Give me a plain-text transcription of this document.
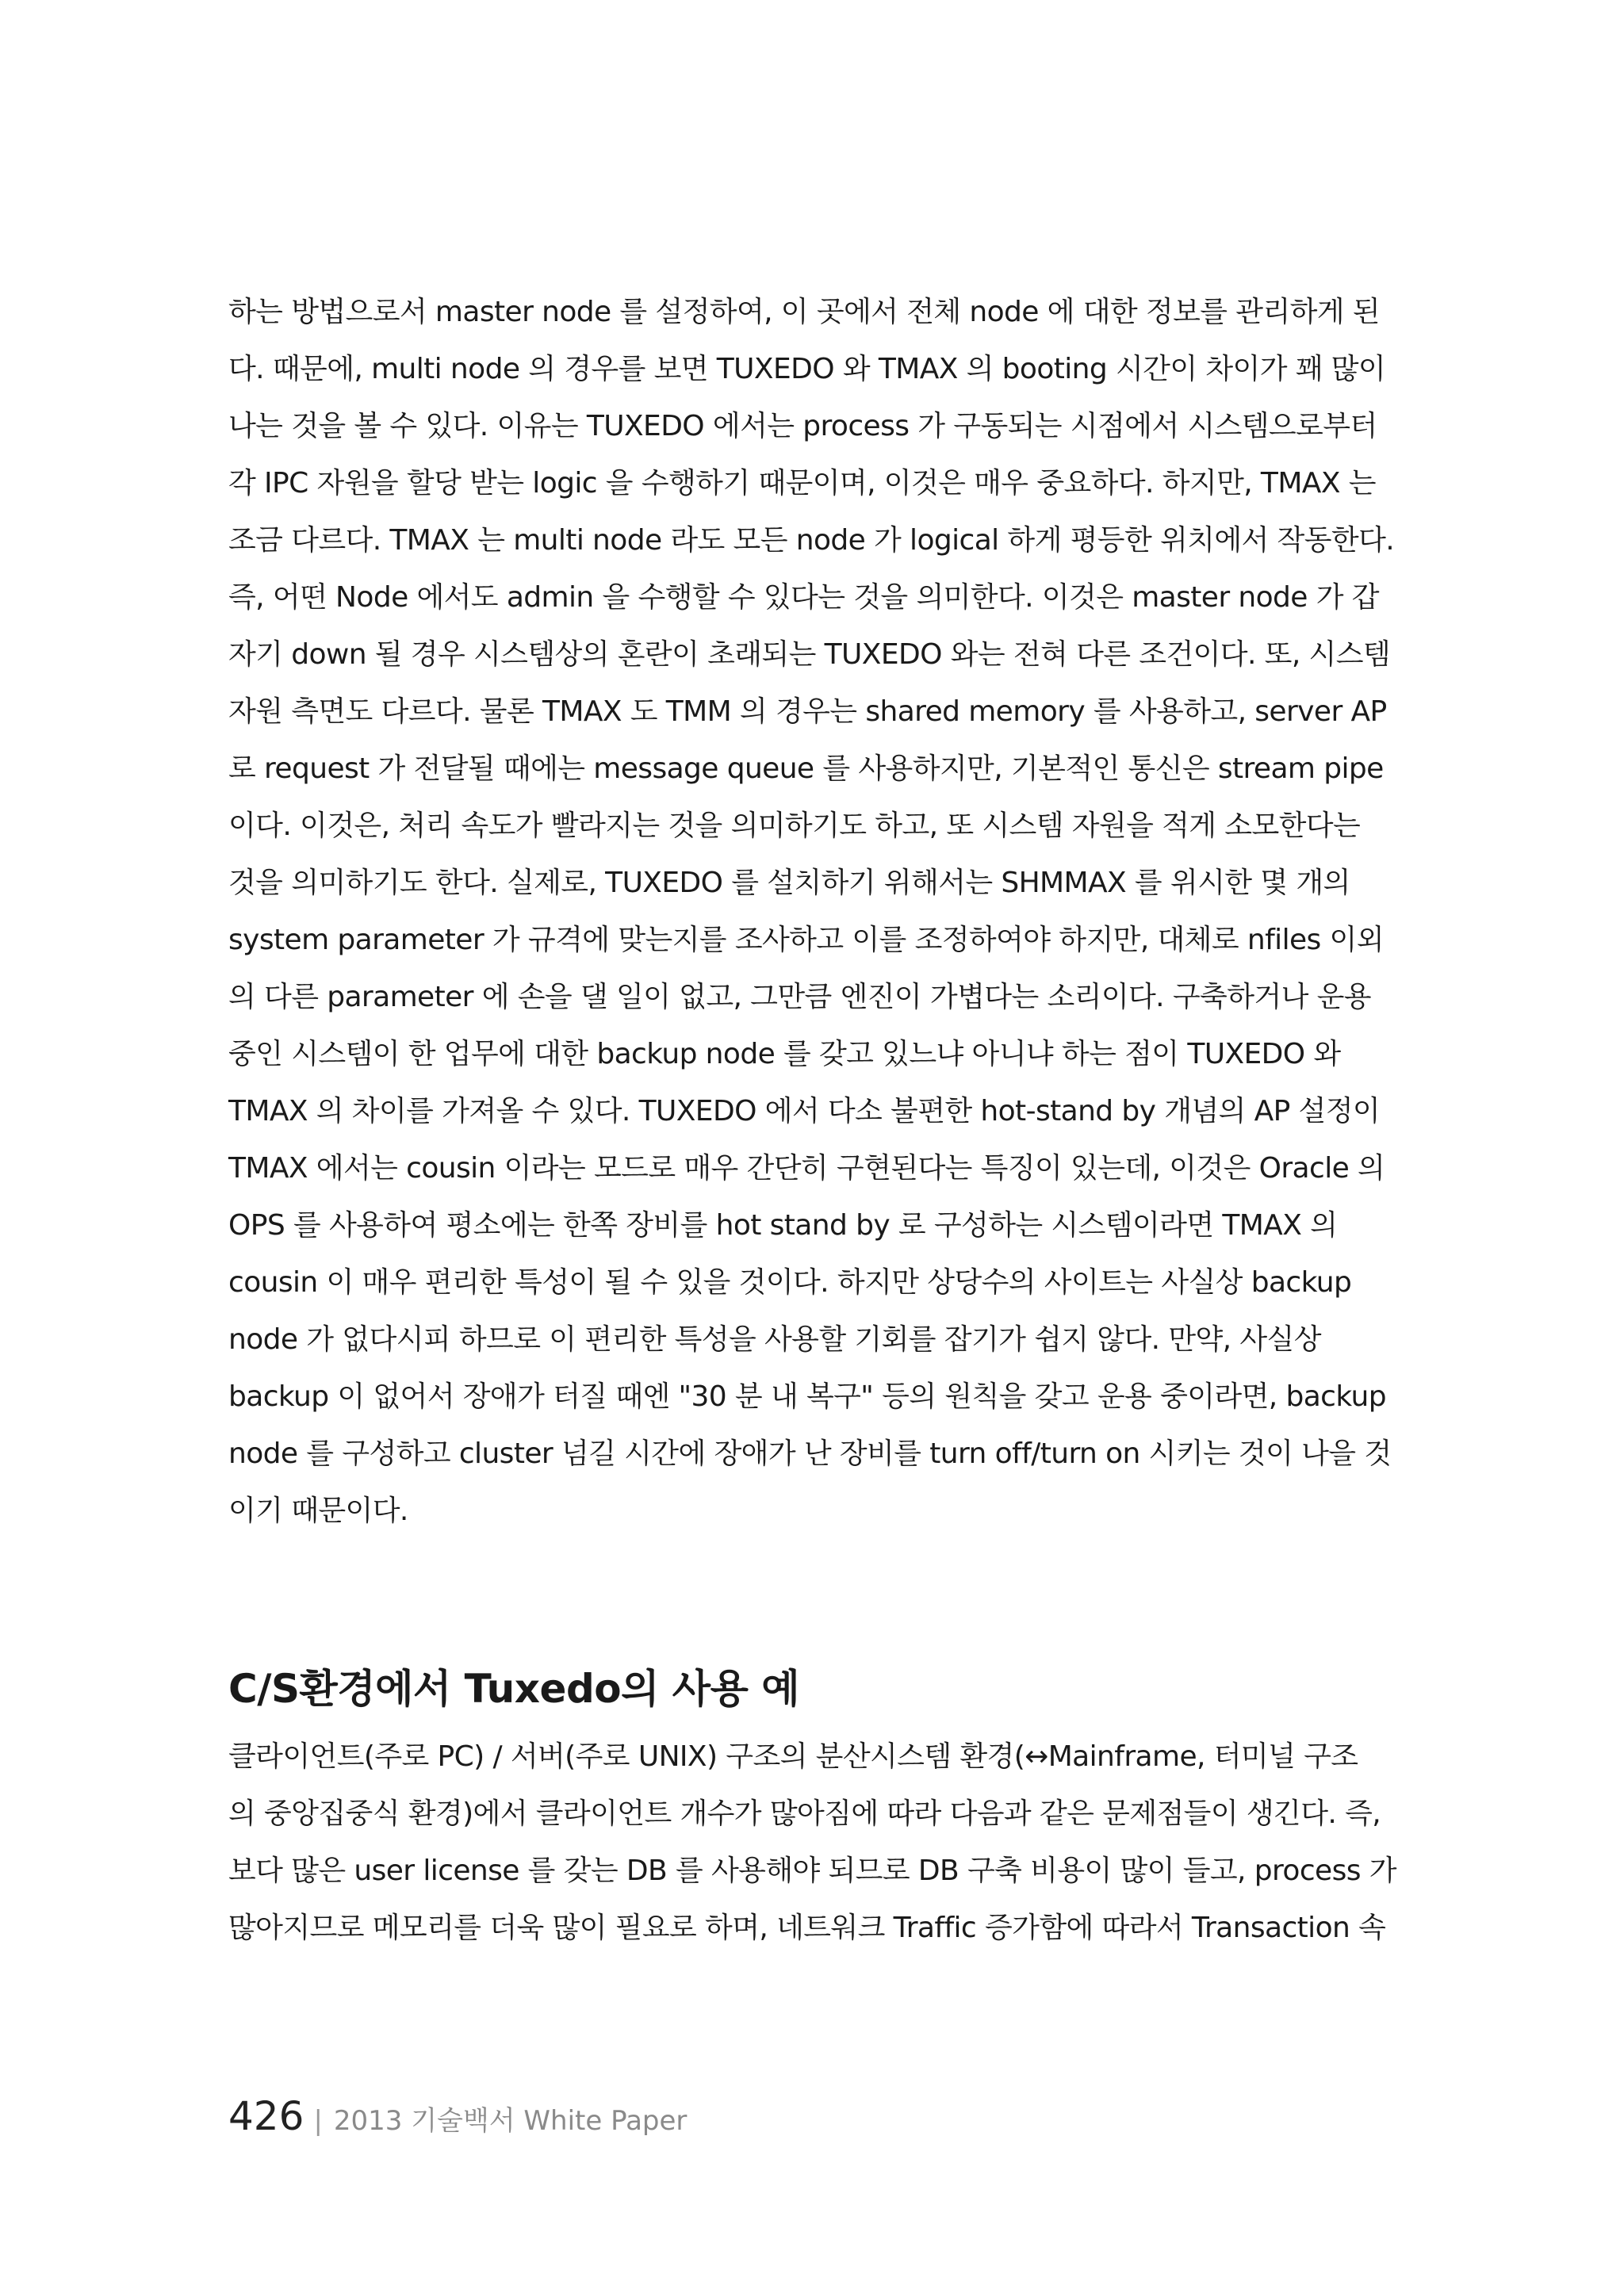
하는 방법으로서 master node 를 설정하여, 이 곳에서 전체 node 에 대한 정보를 관리하게 된
다. 때문에, multi node 의 경우를 보면 TUXEDO 와 TMAX 의 booting 시간이 차이가 꽤 많이
나는 것을 볼 수 있다. 이유는 TUXEDO 에서는 process 가 구동되는 시점에서 시스템으로부터
각 IPC 자원을 할당 받는 logic 을 수행하기 때문이며, 이것은 매우 중요하다. 하지만, TMAX 는
조금 다르다. TMAX 는 multi node 라도 모든 node 가 logical 하게 평등한 위치에서 작동한다.
즉, 어떤 Node 에서도 admin 을 수행할 수 있다는 것을 의미한다. 이것은 master node 가 갑
자기 down 될 경우 시스템상의 혼란이 초래되는 TUXEDO 와는 전혀 다른 조건이다. 또, 시스템
자원 측면도 다르다. 물론 TMAX 도 TMM 의 경우는 shared memory 를 사용하고, server AP
로 request 가 전달될 때에는 message queue 를 사용하지만, 기본적인 통신은 stream pipe
이다. 이것은, 처리 속도가 빨라지는 것을 의미하기도 하고, 또 시스템 자원을 적게 소모한다는
것을 의미하기도 한다. 실제로, TUXEDO 를 설치하기 위해서는 SHMMAX 를 위시한 몇 개의
system parameter 가 규격에 맞는지를 조사하고 이를 조정하여야 하지만, 대체로 nfiles 이외
의 다른 parameter 에 손을 댈 일이 없고, 그만큼 엔진이 가볍다는 소리이다. 구축하거나 운용
중인 시스템이 한 업무에 대한 backup node 를 갖고 있느냐 아니냐 하는 점이 TUXEDO 와
TMAX 의 차이를 가져올 수 있다. TUXEDO 에서 다소 불편한 hot-stand by 개념의 AP 설정이
TMAX 에서는 cousin 이라는 모드로 매우 간단히 구현된다는 특징이 있는데, 이것은 Oracle 의
OPS 를 사용하여 평소에는 한쪽 장비를 hot stand by 로 구성하는 시스템이라면 TMAX 의
cousin 이 매우 편리한 특성이 될 수 있을 것이다. 하지만 상당수의 사이트는 사실상 backup
node 가 없다시피 하므로 이 편리한 특성을 사용할 기회를 잡기가 쉽지 않다. 만약, 사실상
backup 이 없어서 장애가 터질 때엔 "30 분 내 복구" 등의 원칙을 갖고 운용 중이라면, backup
node 를 구성하고 cluster 넘길 시간에 장애가 난 장비를 turn off/turn on 시키는 것이 나을 것
이기 때문이다.
C/S환경에서 Tuxedo의 사용 예
클라이언트(주로 PC) / 서버(주로 UNIX) 구조의 분산시스템 환경(↔Mainframe, 터미널 구조
의 중앙집중식 환경)에서 클라이언트 개수가 많아짐에 따라 다음과 같은 문제점들이 생긴다. 즉,
보다 많은 user license 를 갖는 DB 를 사용해야 되므로 DB 구축 비용이 많이 들고, process 가
많아지므로 메모리를 더욱 많이 필요로 하며, 네트워크 Traffic 증가함에 따라서 Transaction 속
426 | 2013 기술백서 White Paper
